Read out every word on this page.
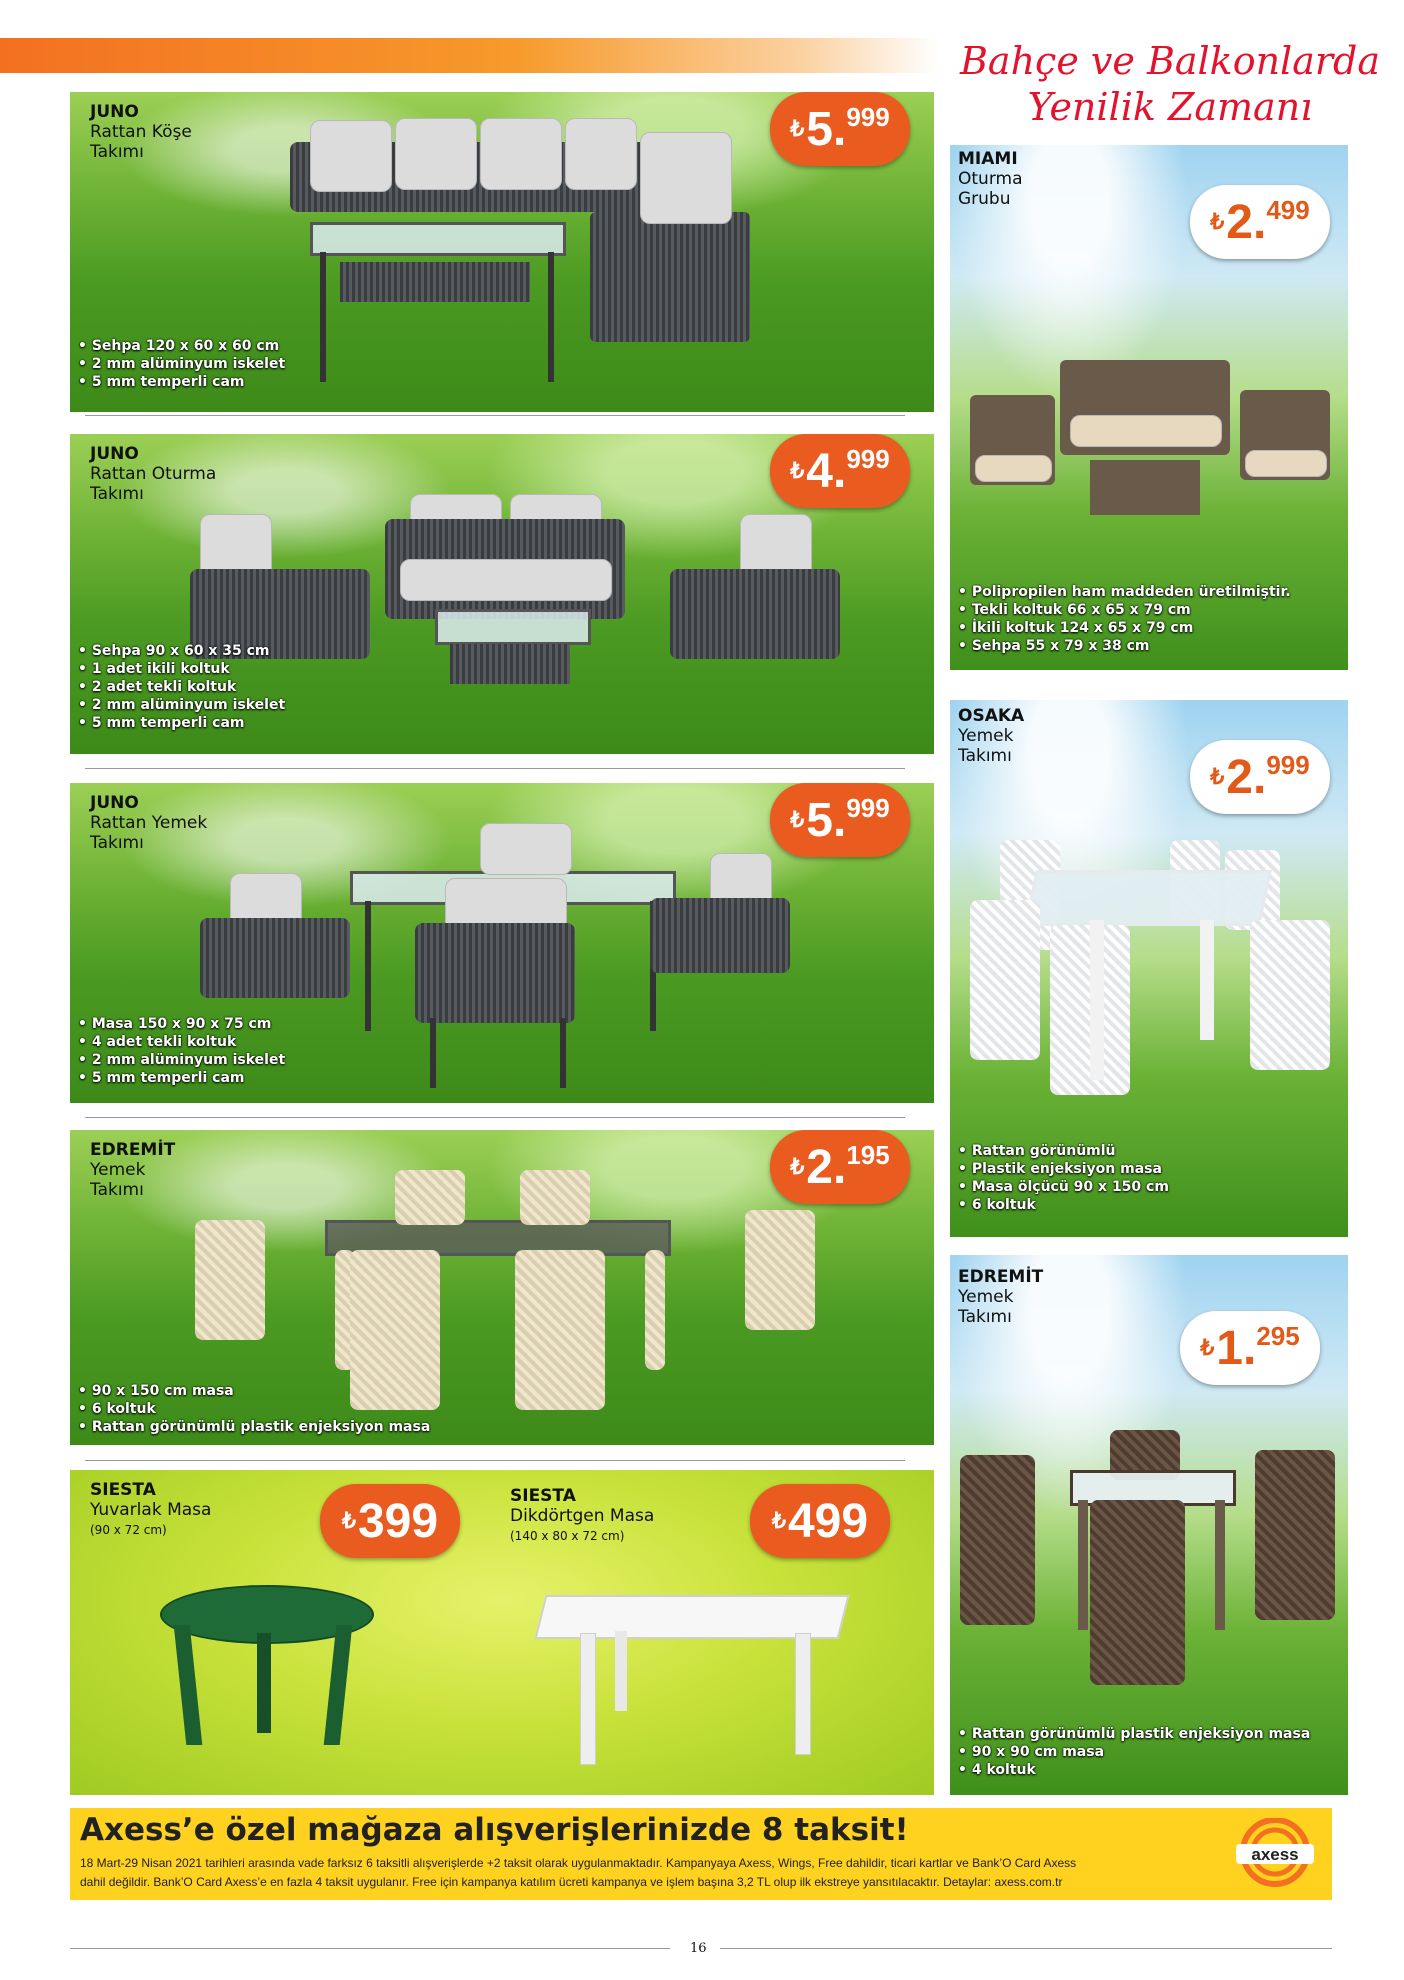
Bahçe ve Balkonlarda
Yenilik Zamanı
JUNO
Rattan Köşe
Takımı
₺ 5. 999
• Sehpa 120 x 60 x 60 cm
• 2 mm alüminyum iskelet
• 5 mm temperli cam
JUNO
Rattan Oturma
Takımı
₺ 4. 999
• Sehpa 90 x 60 x 35 cm
• 1 adet ikili koltuk
• 2 adet tekli koltuk
• 2 mm alüminyum iskelet
• 5 mm temperli cam
JUNO
Rattan Yemek
Takımı
₺ 5. 999
• Masa 150 x 90 x 75 cm
• 4 adet tekli koltuk
• 2 mm alüminyum iskelet
• 5 mm temperli cam
EDREMİT
Yemek
Takımı
₺ 2. 195
• 90 x 150 cm masa
• 6 koltuk
• Rattan görünümlü plastik enjeksiyon masa
SIESTA
Yuvarlak Masa
(90 x 72 cm)	₺ 399	SIESTA
Dikdörtgen Masa
(140 x 80 x 72 cm)
₺ 499
MIAMI
Oturma
Grubu
₺ 2. 499
• Polipropilen ham maddeden üretilmiştir.
• Tekli koltuk 66 x 65 x 79 cm
• İkili koltuk 124 x 65 x 79 cm
• Sehpa 55 x 79 x 38 cm
OSAKA
Yemek
Takımı
₺ 2. 999
• Rattan görünümlü
• Plastik enjeksiyon masa
• Masa ölçücü 90 x 150 cm
• 6 koltuk
EDREMİT
Yemek
Takımı
₺ 1. 295
• Rattan görünümlü plastik enjeksiyon masa
• 90 x 90 cm masa
• 4 koltuk
Axess’e özel mağaza alışverişlerinizde 8 taksit!
18 Mart-29 Nisan 2021 tarihleri arasında vade farksız 6 taksitli alışverişlerde +2 taksit olarak uygulanmaktadır. Kampanyaya Axess, Wings, Free dahildir, ticari kartlar ve Bank’O Card Axess
dahil değildir. Bank’O Card Axess’e en fazla 4 taksit uygulanır. Free için kampanya katılım ücreti kampanya ve işlem başına 3,2 TL olup ilk ekstreye yansıtılacaktır. Detaylar: axess.com.tr
axess
16
